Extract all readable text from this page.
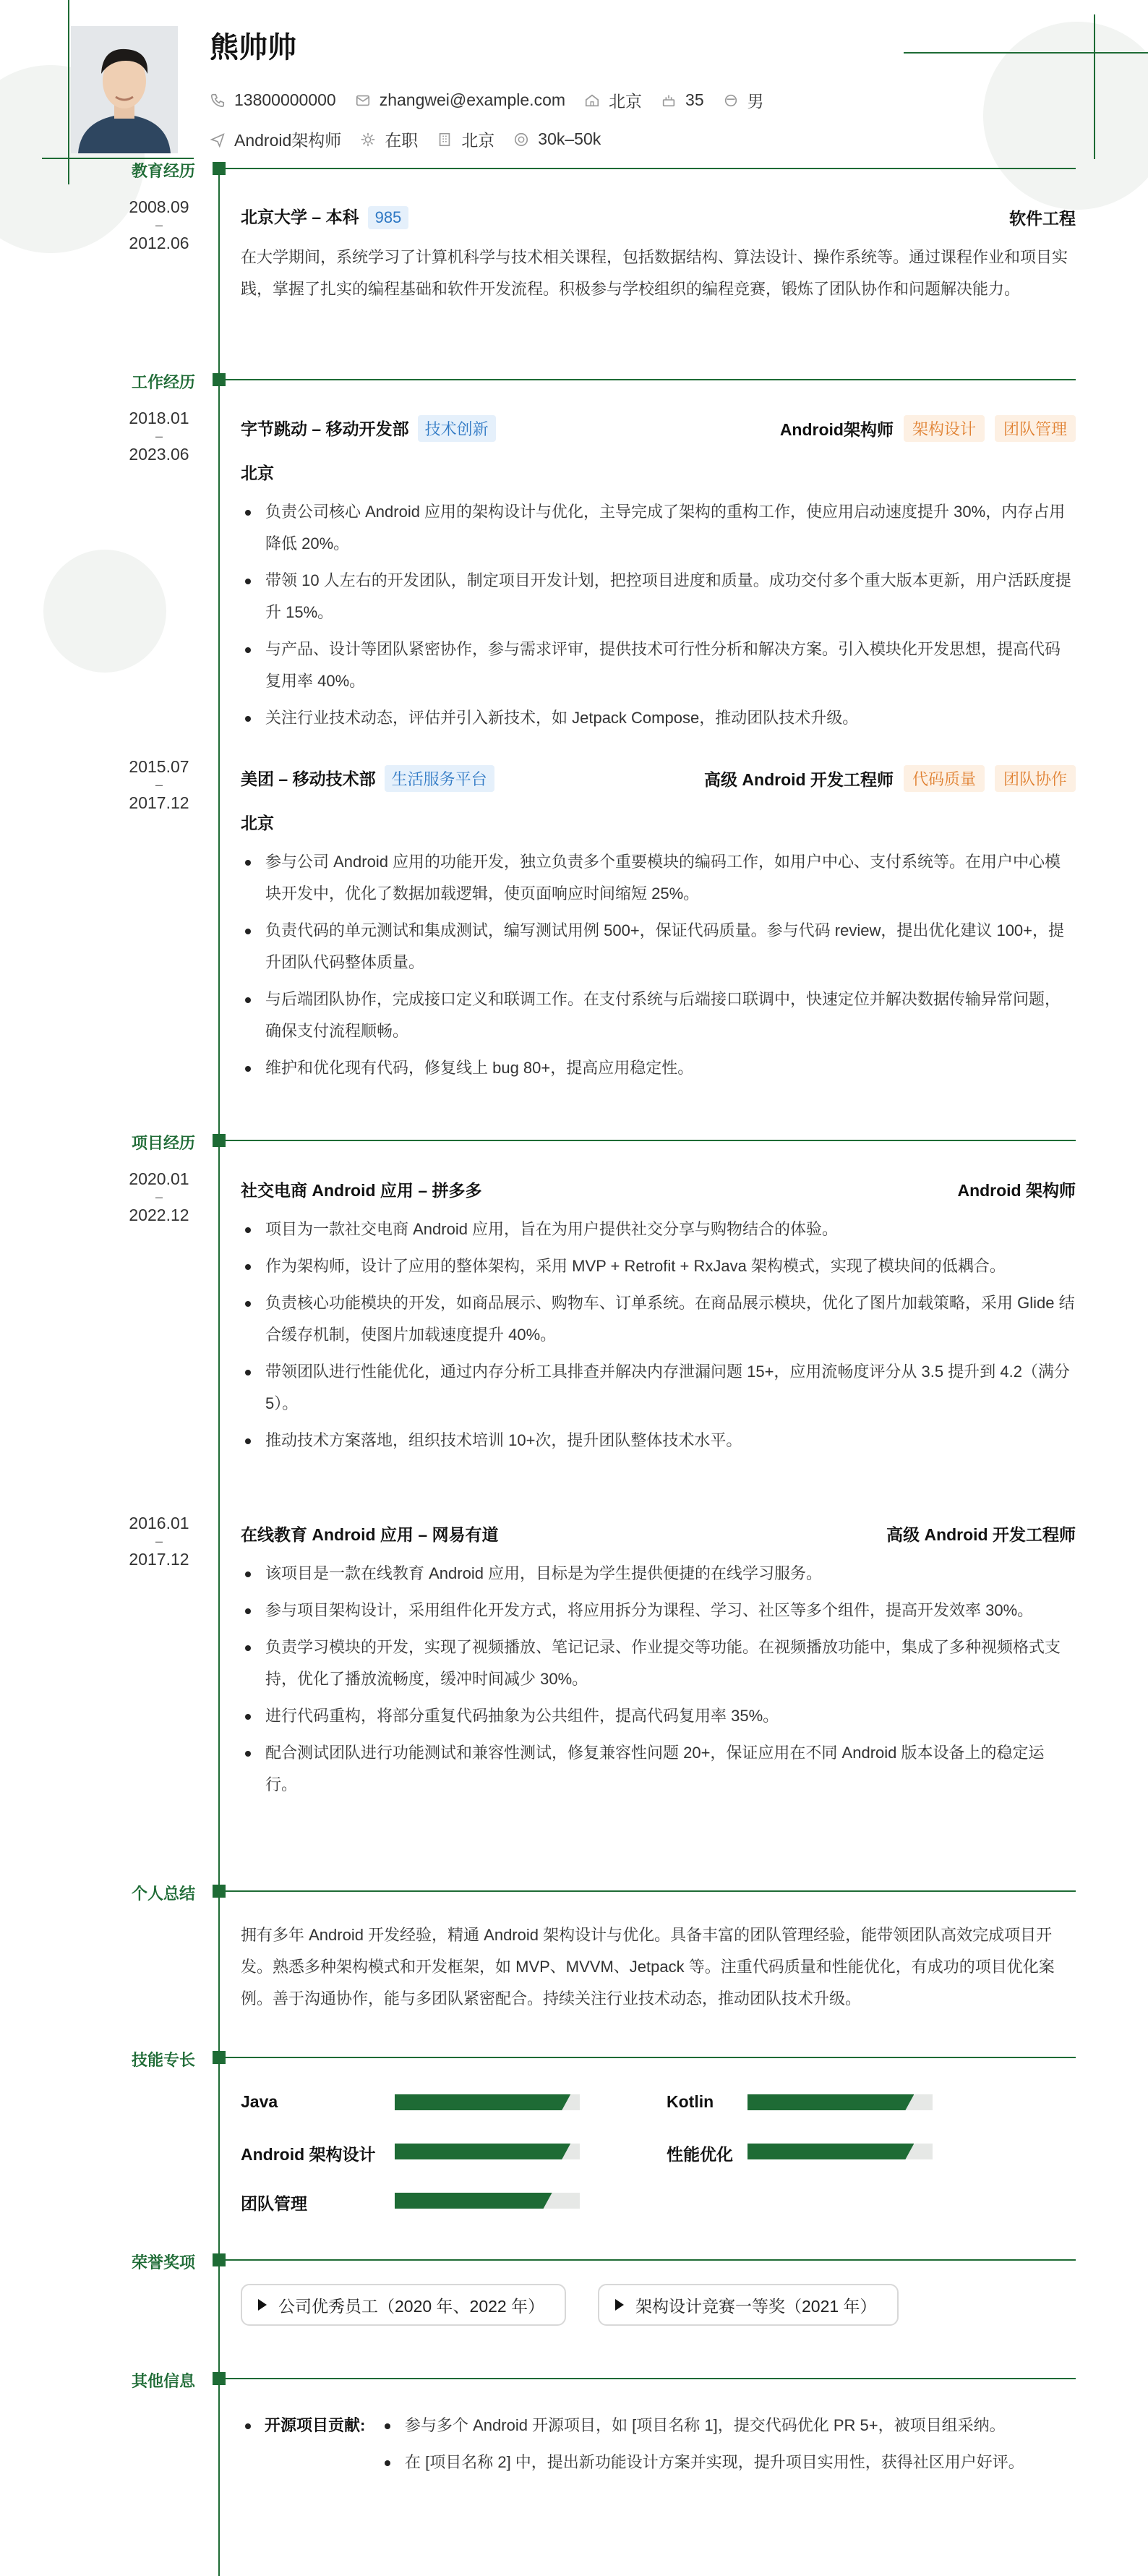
熊帅帅
13800000000	zhangwei@example.com	北京	35	男
Android架构师	在职	北京	30k–50k
教育经历
2008.09
–
2012.06
北京大学 – 本科 985	软件工程

在大学期间，系统学习了计算机科学与技术相关课程，包括数据结构、算法设计、操作系统等。通过课程作业和项目实践，掌握了扎实的编程基础和软件开发流程。积极参与学校组织的编程竞赛，锻炼了团队协作和问题解决能力。

工作经历
2018.01
–
2023.06
字节跳动 – 移动开发部 技术创新	Android架构师	架构设计	团队管理
北京
负责公司核心 Android 应用的架构设计与优化，主导完成了架构的重构工作，使应用启动速度提升 30%，内存占用降低 20%。
带领 10 人左右的开发团队，制定项目开发计划，把控项目进度和质量。成功交付多个重大版本更新，用户活跃度提升 15%。
与产品、设计等团队紧密协作，参与需求评审，提供技术可行性分析和解决方案。引入模块化开发思想，提高代码复用率 40%。
关注行业技术动态，评估并引入新技术，如 Jetpack Compose，推动团队技术升级。
2015.07
–
2017.12
美团 – 移动技术部 生活服务平台	高级 Android 开发工程师	代码质量	团队协作
北京
参与公司 Android 应用的功能开发，独立负责多个重要模块的编码工作，如用户中心、支付系统等。在用户中心模块开发中，优化了数据加载逻辑，使页面响应时间缩短 25%。
负责代码的单元测试和集成测试，编写测试用例 500+，保证代码质量。参与代码 review，提出优化建议 100+，提升团队代码整体质量。
与后端团队协作，完成接口定义和联调工作。在支付系统与后端接口联调中，快速定位并解决数据传输异常问题，确保支付流程顺畅。
维护和优化现有代码，修复线上 bug 80+，提高应用稳定性。
项目经历
2020.01
–
2022.12
社交电商 Android 应用 – 拼多多	Android 架构师
项目为一款社交电商 Android 应用，旨在为用户提供社交分享与购物结合的体验。
作为架构师，设计了应用的整体架构，采用 MVP + Retrofit + RxJava 架构模式，实现了模块间的低耦合。
负责核心功能模块的开发，如商品展示、购物车、订单系统。在商品展示模块，优化了图片加载策略，采用 Glide 结合缓存机制，使图片加载速度提升 40%。
带领团队进行性能优化，通过内存分析工具排查并解决内存泄漏问题 15+，应用流畅度评分从 3.5 提升到 4.2（满分 5）。
推动技术方案落地，组织技术培训 10+次，提升团队整体技术水平。
2016.01
–
2017.12
在线教育 Android 应用 – 网易有道	高级 Android 开发工程师
该项目是一款在线教育 Android 应用，目标是为学生提供便捷的在线学习服务。
参与项目架构设计，采用组件化开发方式，将应用拆分为课程、学习、社区等多个组件，提高开发效率 30%。
负责学习模块的开发，实现了视频播放、笔记记录、作业提交等功能。在视频播放功能中，集成了多种视频格式支持，优化了播放流畅度，缓冲时间减少 30%。
进行代码重构，将部分重复代码抽象为公共组件，提高代码复用率 35%。
配合测试团队进行功能测试和兼容性测试，修复兼容性问题 20+，保证应用在不同 Android 版本设备上的稳定运行。
个人总结

拥有多年 Android 开发经验，精通 Android 架构设计与优化。具备丰富的团队管理经验，能带领团队高效完成项目开发。熟悉多种架构模式和开发框架，如 MVP、MVVM、Jetpack 等。注重代码质量和性能优化，有成功的项目优化案例。善于沟通协作，能与多团队紧密配合。持续关注行业技术动态，推动团队技术升级。

技能专长
Java	Kotlin
Android 架构设计	性能优化
团队管理
荣誉奖项
公司优秀员工（2020 年、2022 年）	架构设计竞赛一等奖（2021 年）
其他信息
开源项目贡献:	参与多个 Android 开源项目，如 [项目名称 1]，提交代码优化 PR 5+，被项目组采纳。
在 [项目名称 2] 中，提出新功能设计方案并实现，提升项目实用性，获得社区用户好评。
